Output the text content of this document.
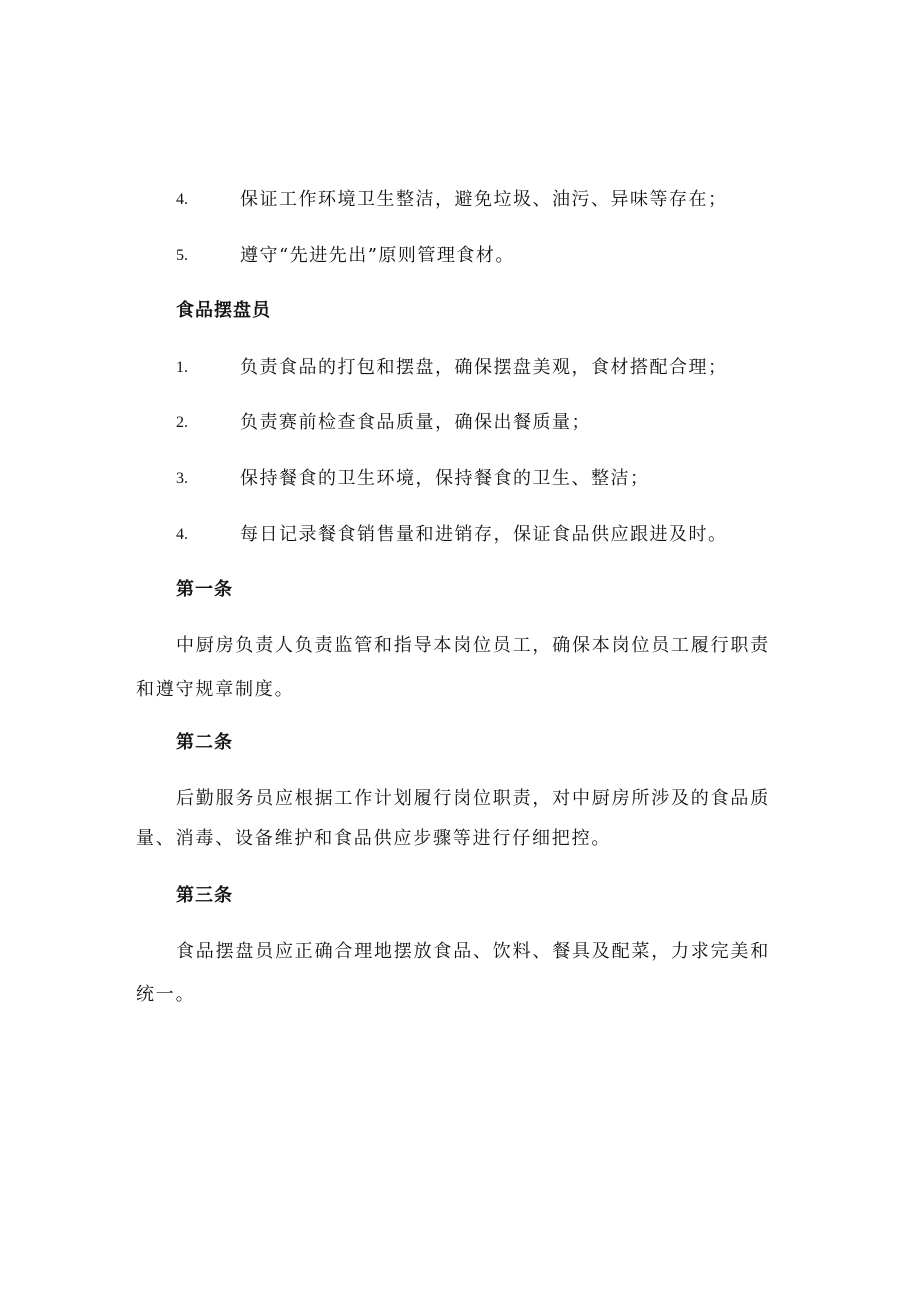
4.	保证工作环境卫生整洁，避免垃圾、油污、异味等存在；
5.	遵守“先进先出”原则管理食材。
食品摆盘员
1.	负责食品的打包和摆盘，确保摆盘美观，食材搭配合理；
2.	负责赛前检查食品质量，确保出餐质量；
3.	保持餐食的卫生环境，保持餐食的卫生、整洁；
4.	每日记录餐食销售量和进销存，保证食品供应跟进及时。
第一条
中厨房负责人负责监管和指导本岗位员工，确保本岗位员工履行职责
和遵守规章制度。
第二条
后勤服务员应根据工作计划履行岗位职责，对中厨房所涉及的食品质
量、消毒、设备维护和食品供应步骤等进行仔细把控。
第三条
食品摆盘员应正确合理地摆放食品、饮料、餐具及配菜，力求完美和
统一。
